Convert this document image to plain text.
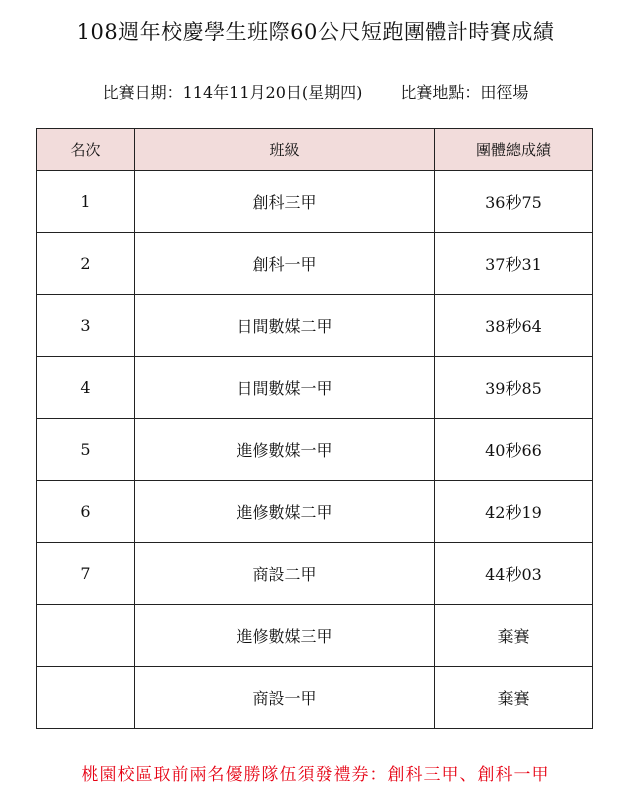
108週年校慶學生班際60公尺短跑團體計時賽成績
比賽日期：114年11月20日(星期四) 比賽地點：田徑場
名次	班級	團體總成績
1	創科三甲	36秒75
2	創科一甲	37秒31
3	日間數媒二甲	38秒64
4	日間數媒一甲	39秒85
5	進修數媒一甲	40秒66
6	進修數媒二甲	42秒19
7	商設二甲	44秒03
	進修數媒三甲	棄賽
	商設一甲	棄賽
桃園校區取前兩名優勝隊伍須發禮券：創科三甲、創科一甲
